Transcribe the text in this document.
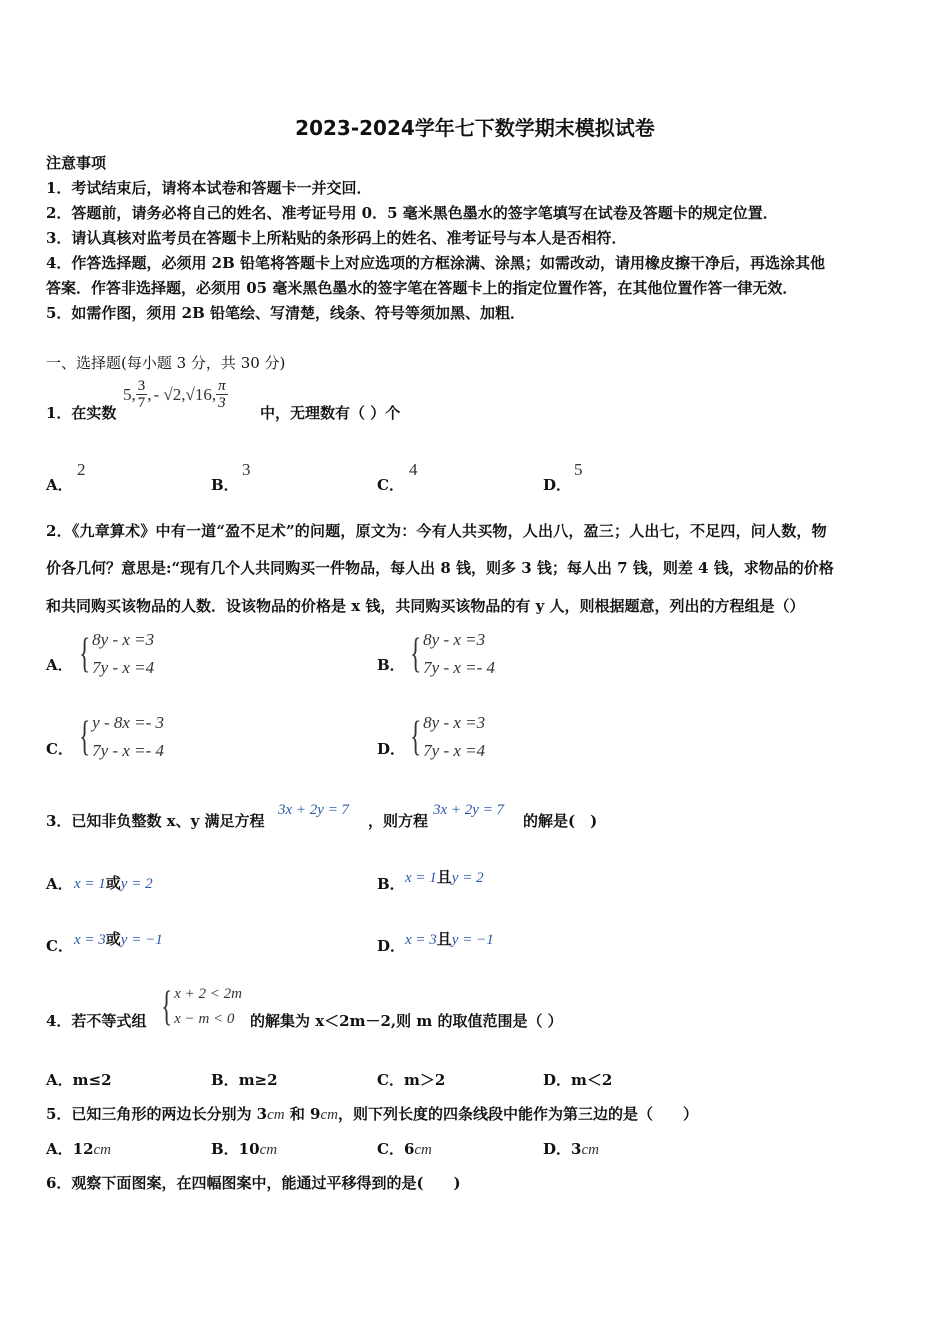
2023-2024学年七下数学期末模拟试卷
注意事项
1．考试结束后，请将本试卷和答题卡一并交回．
2．答题前，请务必将自己的姓名、准考证号用 0．5 毫米黑色墨水的签字笔填写在试卷及答题卡的规定位置．
3．请认真核对监考员在答题卡上所粘贴的条形码上的姓名、准考证号与本人是否相符．
4．作答选择题，必须用 2B 铅笔将答题卡上对应选项的方框涂满、涂黑；如需改动，请用橡皮擦干净后，再选涂其他
答案．作答非选择题，必须用 05 毫米黑色墨水的签字笔在答题卡上的指定位置作答，在其他位置作答一律无效．
5．如需作图，须用 2B 铅笔绘、写清楚，线条、符号等须加黑、加粗．
一、选择题(每小题 3 分，共 30 分)
1．在实数
5, $\frac{3}{7}$ , - √2, √16, $\frac{\pi}{3}$
中，无理数有（ ）个
A．
2
B．
3
C．
4
D．
5
2．《九章算术》中有一道“盈不足术”的问题，原文为：今有人共买物，人出八，盈三；人出七，不足四，问人数，物
价各几何？意思是:“现有几个人共同购买一件物品，每人出 8 钱，则多 3 钱；每人出 7 钱，则差 4 钱，求物品的价格
和共同购买该物品的人数．设该物品的价格是 x 钱，共同购买该物品的有 y 人，则根据题意，列出的方程组是（）
A． { 8y - x =3
7y - x =4	B． { 8y - x =3
7y - x =- 4
C． { y - 8x =- 3
7y - x =- 4	D． { 8y - x =3
7y - x =4
3．已知非负整数 x、y 满足方程
3x + 2y = 7
，则方程
3x + 2y = 7
的解是(　)
A． x = 1 或 y = 2	B． x = 1 且 y = 2
C． x = 3 或 y = −1	D． x = 3 且 y = −1
4．若不等式组 { x + 2 < 2m
x − m < 0	的解集为 x＜2m－2,则 m 的取值范围是（ ）
A．m≤2	B．m≥2	C．m＞2	D．m＜2
5．已知三角形的两边长分别为 3cm 和 9cm，则下列长度的四条线段中能作为第三边的是（　　）
A．12cm	B．10cm	C．6cm	D．3cm
6．观察下面图案，在四幅图案中，能通过平移得到的是(　　)
